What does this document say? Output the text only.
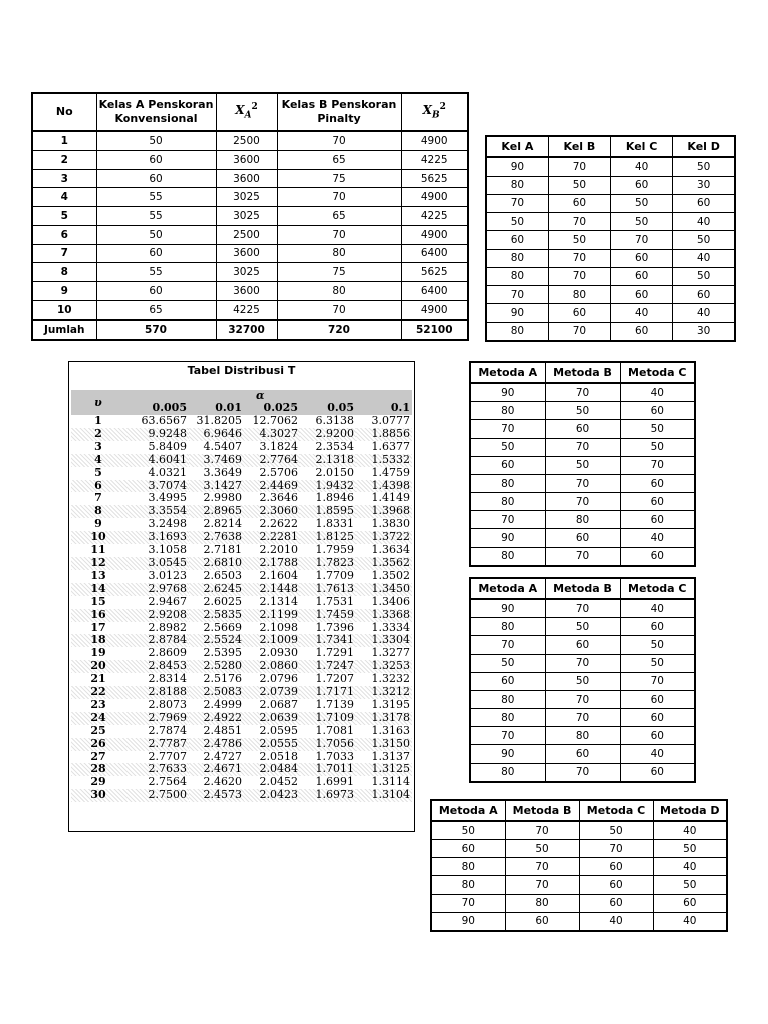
No	Kelas A Penskoran Konvensional	$X_A^2$	Kelas B Penskoran Pinalty	$X_B^2$
1	50	2500	70	4900
2	60	3600	65	4225
3	60	3600	75	5625
4	55	3025	70	4900
5	55	3025	65	4225
6	50	2500	70	4900
7	60	3600	80	6400
8	55	3025	75	5625
9	60	3600	80	6400
10	65	4225	70	4900
Jumlah	570	32700	720	52100
Kel A	Kel B	Kel C	Kel D
90	70	40	50
80	50	60	30
70	60	50	60
50	70	50	40
60	50	70	50
80	70	60	40
80	70	60	50
70	80	60	60
90	60	40	40
80	70	60	30
Tabel Distribusi T
υ			α		
	0.005	0.01	0.025	0.05	0.1
1	63.6567	31.8205	12.7062	6.3138	3.0777
2	9.9248	6.9646	4.3027	2.9200	1.8856
3	5.8409	4.5407	3.1824	2.3534	1.6377
4	4.6041	3.7469	2.7764	2.1318	1.5332
5	4.0321	3.3649	2.5706	2.0150	1.4759
6	3.7074	3.1427	2.4469	1.9432	1.4398
7	3.4995	2.9980	2.3646	1.8946	1.4149
8	3.3554	2.8965	2.3060	1.8595	1.3968
9	3.2498	2.8214	2.2622	1.8331	1.3830
10	3.1693	2.7638	2.2281	1.8125	1.3722
11	3.1058	2.7181	2.2010	1.7959	1.3634
12	3.0545	2.6810	2.1788	1.7823	1.3562
13	3.0123	2.6503	2.1604	1.7709	1.3502
14	2.9768	2.6245	2.1448	1.7613	1.3450
15	2.9467	2.6025	2.1314	1.7531	1.3406
16	2.9208	2.5835	2.1199	1.7459	1.3368
17	2.8982	2.5669	2.1098	1.7396	1.3334
18	2.8784	2.5524	2.1009	1.7341	1.3304
19	2.8609	2.5395	2.0930	1.7291	1.3277
20	2.8453	2.5280	2.0860	1.7247	1.3253
21	2.8314	2.5176	2.0796	1.7207	1.3232
22	2.8188	2.5083	2.0739	1.7171	1.3212
23	2.8073	2.4999	2.0687	1.7139	1.3195
24	2.7969	2.4922	2.0639	1.7109	1.3178
25	2.7874	2.4851	2.0595	1.7081	1.3163
26	2.7787	2.4786	2.0555	1.7056	1.3150
27	2.7707	2.4727	2.0518	1.7033	1.3137
28	2.7633	2.4671	2.0484	1.7011	1.3125
29	2.7564	2.4620	2.0452	1.6991	1.3114
30	2.7500	2.4573	2.0423	1.6973	1.3104
Metoda A	Metoda B	Metoda C
90	70	40
80	50	60
70	60	50
50	70	50
60	50	70
80	70	60
80	70	60
70	80	60
90	60	40
80	70	60
Metoda A	Metoda B	Metoda C
90	70	40
80	50	60
70	60	50
50	70	50
60	50	70
80	70	60
80	70	60
70	80	60
90	60	40
80	70	60
Metoda A	Metoda B	Metoda C	Metoda D
50	70	50	40
60	50	70	50
80	70	60	40
80	70	60	50
70	80	60	60
90	60	40	40
